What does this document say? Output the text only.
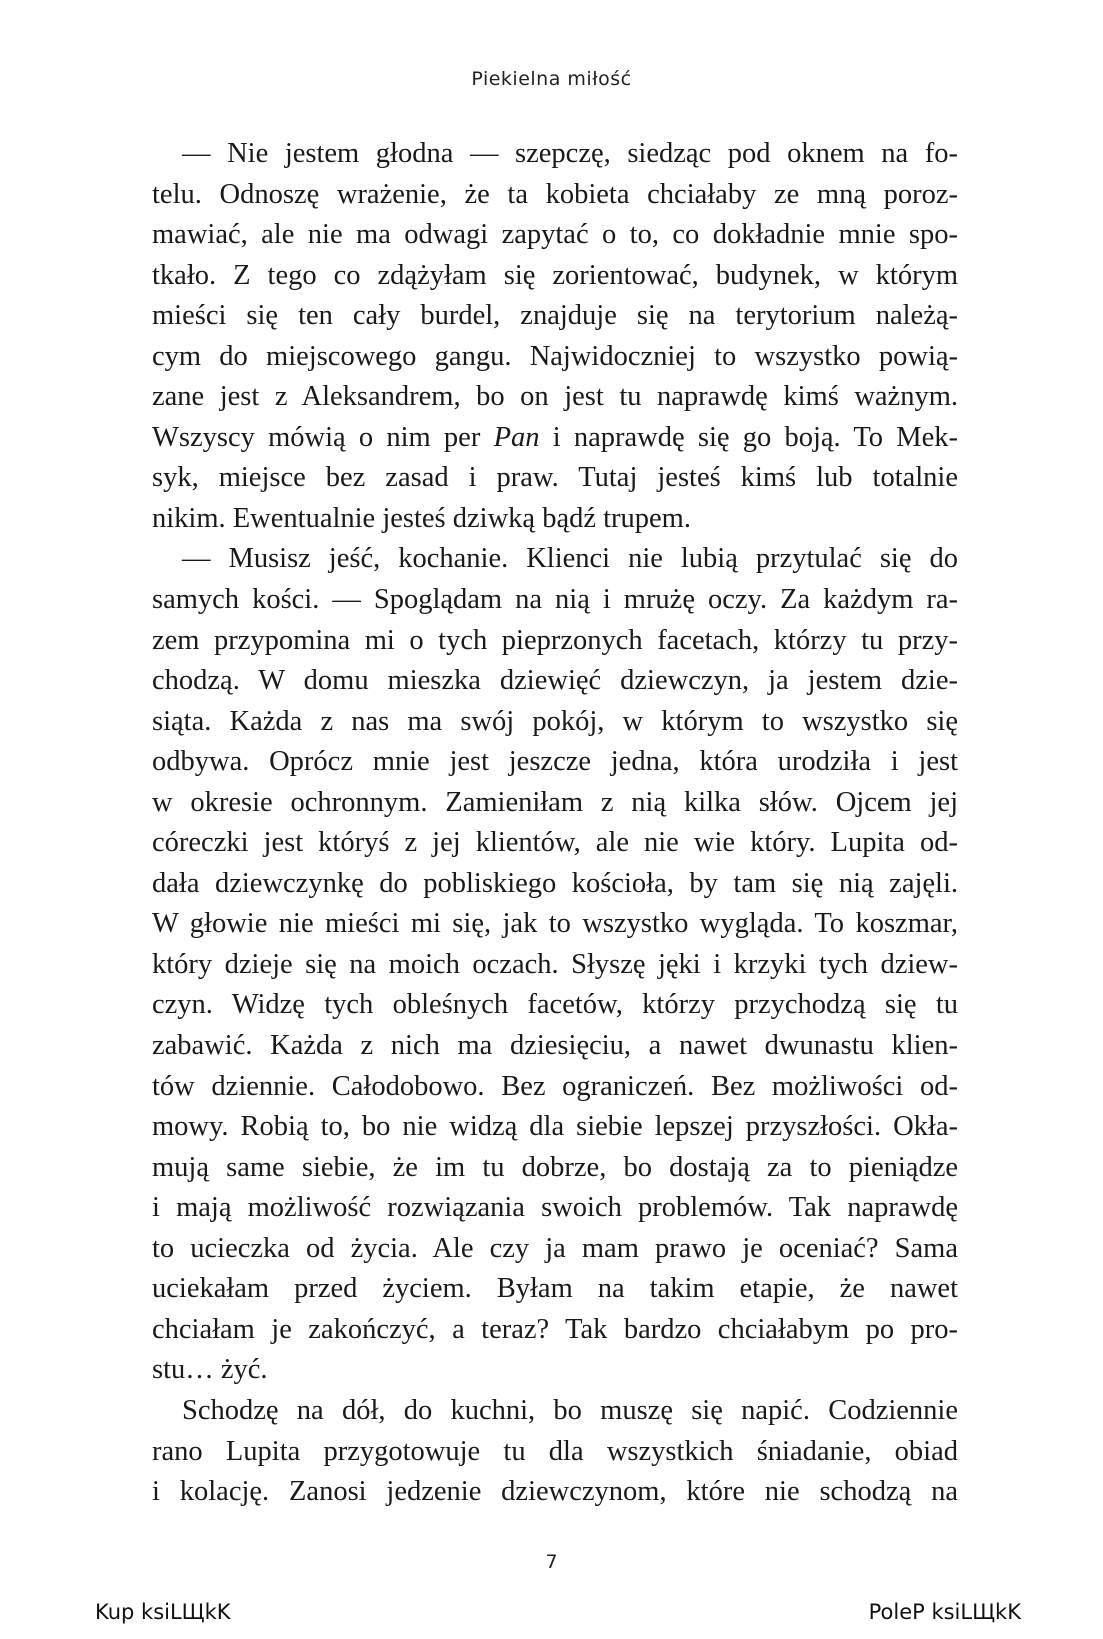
Piekielna miłość
— Nie jestem głodna — szepczę, siedząc pod oknem na fo-
telu. Odnoszę wrażenie, że ta kobieta chciałaby ze mną poroz-
mawiać, ale nie ma odwagi zapytać o to, co dokładnie mnie spo-
tkało. Z tego co zdążyłam się zorientować, budynek, w którym
mieści się ten cały burdel, znajduje się na terytorium należą-
cym do miejscowego gangu. Najwidoczniej to wszystko powią-
zane jest z Aleksandrem, bo on jest tu naprawdę kimś ważnym.
Wszyscy mówią o nim per Pan i naprawdę się go boją. To Mek-
syk, miejsce bez zasad i praw. Tutaj jesteś kimś lub totalnie
nikim. Ewentualnie jesteś dziwką bądź trupem.
— Musisz jeść, kochanie. Klienci nie lubią przytulać się do
samych kości. — Spoglądam na nią i mrużę oczy. Za każdym ra-
zem przypomina mi o tych pieprzonych facetach, którzy tu przy-
chodzą. W domu mieszka dziewięć dziewczyn, ja jestem dzie-
siąta. Każda z nas ma swój pokój, w którym to wszystko się
odbywa. Oprócz mnie jest jeszcze jedna, która urodziła i jest
w okresie ochronnym. Zamieniłam z nią kilka słów. Ojcem jej
córeczki jest któryś z jej klientów, ale nie wie który. Lupita od-
dała dziewczynkę do pobliskiego kościoła, by tam się nią zajęli.
W głowie nie mieści mi się, jak to wszystko wygląda. To koszmar,
który dzieje się na moich oczach. Słyszę jęki i krzyki tych dziew-
czyn. Widzę tych obleśnych facetów, którzy przychodzą się tu
zabawić. Każda z nich ma dziesięciu, a nawet dwunastu klien-
tów dziennie. Całodobowo. Bez ograniczeń. Bez możliwości od-
mowy. Robią to, bo nie widzą dla siebie lepszej przyszłości. Okła-
mują same siebie, że im tu dobrze, bo dostają za to pieniądze
i mają możliwość rozwiązania swoich problemów. Tak naprawdę
to ucieczka od życia. Ale czy ja mam prawo je oceniać? Sama
uciekałam przed życiem. Byłam na takim etapie, że nawet
chciałam je zakończyć, a teraz? Tak bardzo chciałabym po pro-
stu… żyć.
Schodzę na dół, do kuchni, bo muszę się napić. Codziennie
rano Lupita przygotowuje tu dla wszystkich śniadanie, obiad
i kolację. Zanosi jedzenie dziewczynom, które nie schodzą na
7
Kup ksiLЩkK	PoleP ksiLЩkK
